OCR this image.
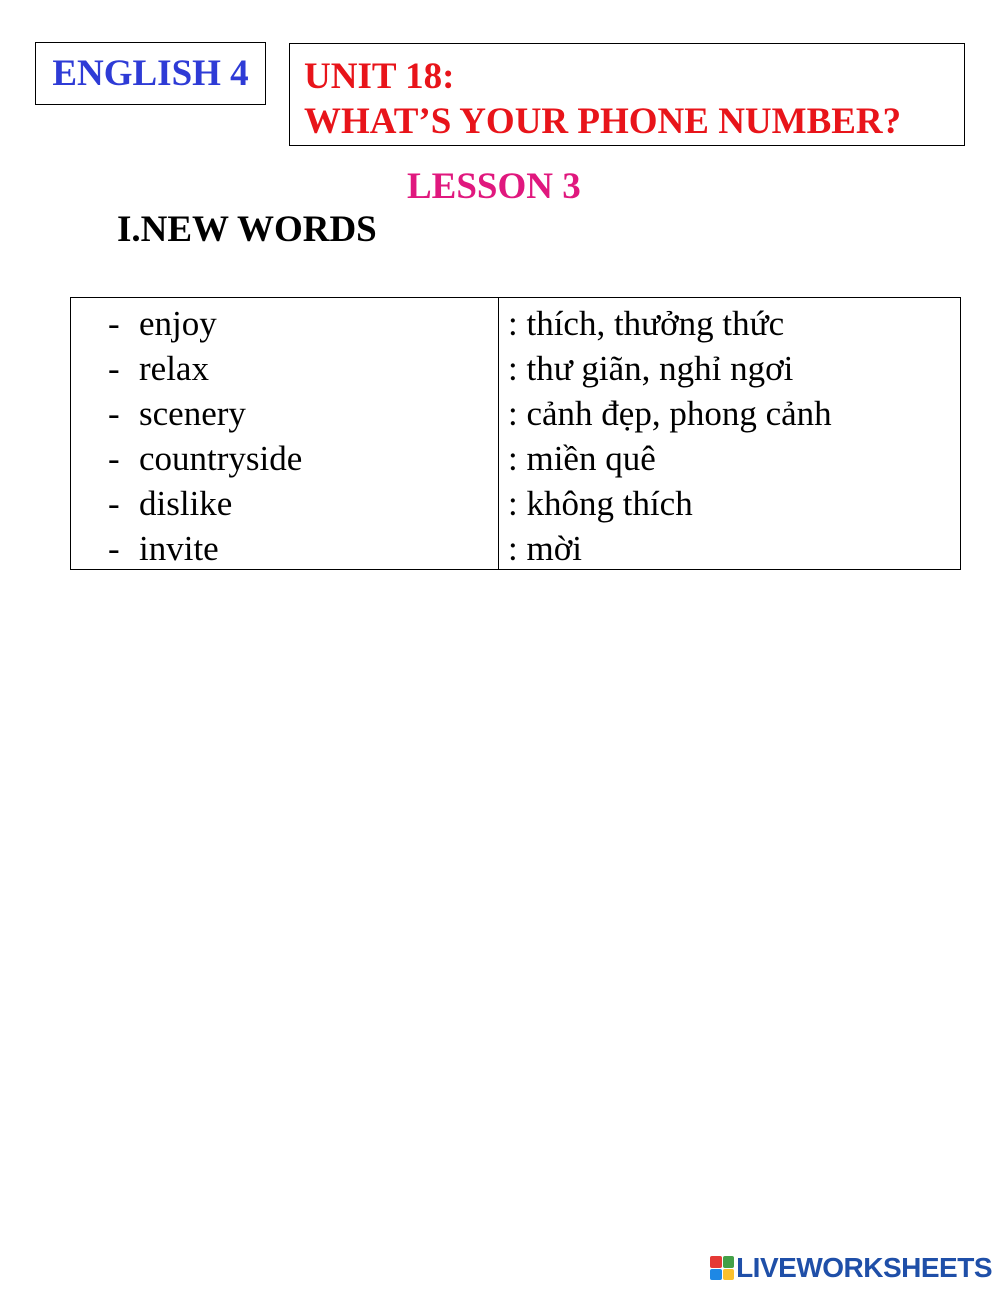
ENGLISH 4 UNIT 18:
WHAT’S YOUR PHONE NUMBER?
LESSON 3
I.NEW WORDS
- enjoy
- relax
- scenery
- countryside
- dislike
- invite
: thích, thưởng thức
: thư giãn, nghỉ ngơi
: cảnh đẹp, phong cảnh
: miền quê
: không thích
: mời
LIVEWORKSHEETS
